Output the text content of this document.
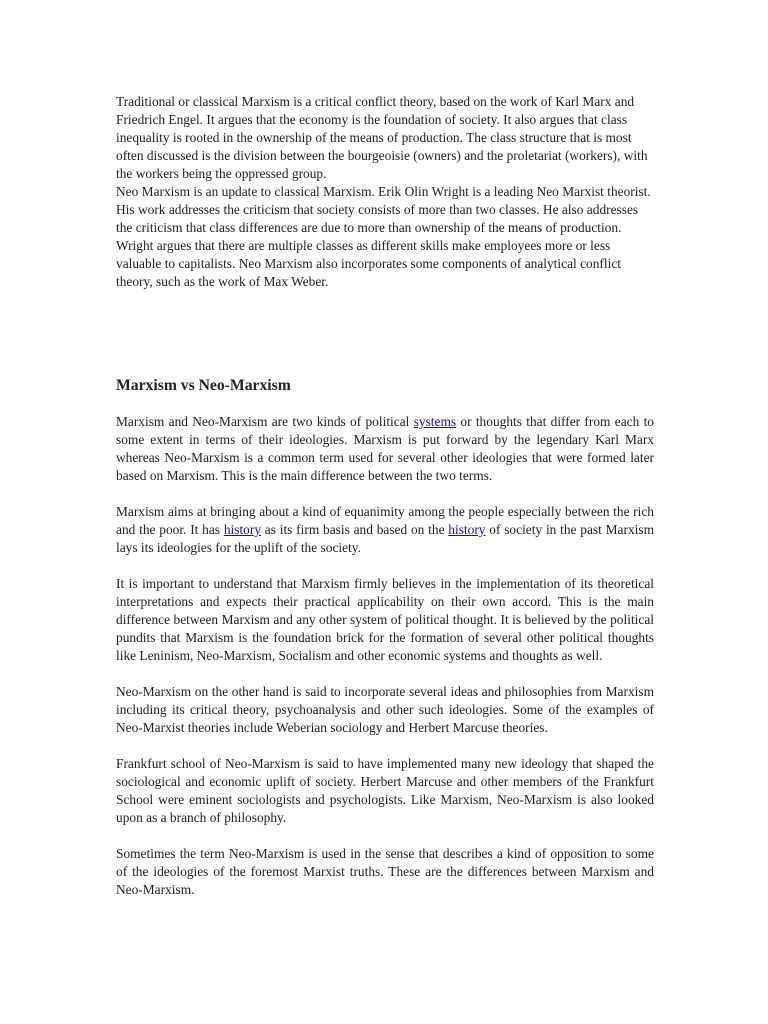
Traditional or classical Marxism is a critical conflict theory, based on the work of Karl Marx and Friedrich Engel. It argues that the economy is the foundation of society. It also argues that class inequality is rooted in the ownership of the means of production. The class structure that is most often discussed is the division between the bourgeoisie (owners) and the proletariat (workers), with the workers being the oppressed group.

Neo Marxism is an update to classical Marxism. Erik Olin Wright is a leading Neo Marxist theorist. His work addresses the criticism that society consists of more than two classes. He also addresses the criticism that class differences are due to more than ownership of the means of production. Wright argues that there are multiple classes as different skills make employees more or less valuable to capitalists. Neo Marxism also incorporates some components of analytical conflict theory, such as the work of Max Weber.

Marxism vs Neo-Marxism

Marxism and Neo-Marxism are two kinds of political systems or thoughts that differ from each to some extent in terms of their ideologies. Marxism is put forward by the legendary Karl Marx whereas Neo-Marxism is a common term used for several other ideologies that were formed later based on Marxism. This is the main difference between the two terms.

Marxism aims at bringing about a kind of equanimity among the people especially between the rich and the poor. It has history as its firm basis and based on the history of society in the past Marxism lays its ideologies for the uplift of the society.

It is important to understand that Marxism firmly believes in the implementation of its theoretical interpretations and expects their practical applicability on their own accord. This is the main difference between Marxism and any other system of political thought. It is believed by the political pundits that Marxism is the foundation brick for the formation of several other political thoughts like Leninism, Neo-Marxism, Socialism and other economic systems and thoughts as well.

Neo-Marxism on the other hand is said to incorporate several ideas and philosophies from Marxism including its critical theory, psychoanalysis and other such ideologies. Some of the examples of Neo-Marxist theories include Weberian sociology and Herbert Marcuse theories.

Frankfurt school of Neo-Marxism is said to have implemented many new ideology that shaped the sociological and economic uplift of society. Herbert Marcuse and other members of the Frankfurt School were eminent sociologists and psychologists. Like Marxism, Neo-Marxism is also looked upon as a branch of philosophy.

Sometimes the term Neo-Marxism is used in the sense that describes a kind of opposition to some of the ideologies of the foremost Marxist truths. These are the differences between Marxism and Neo-Marxism.
